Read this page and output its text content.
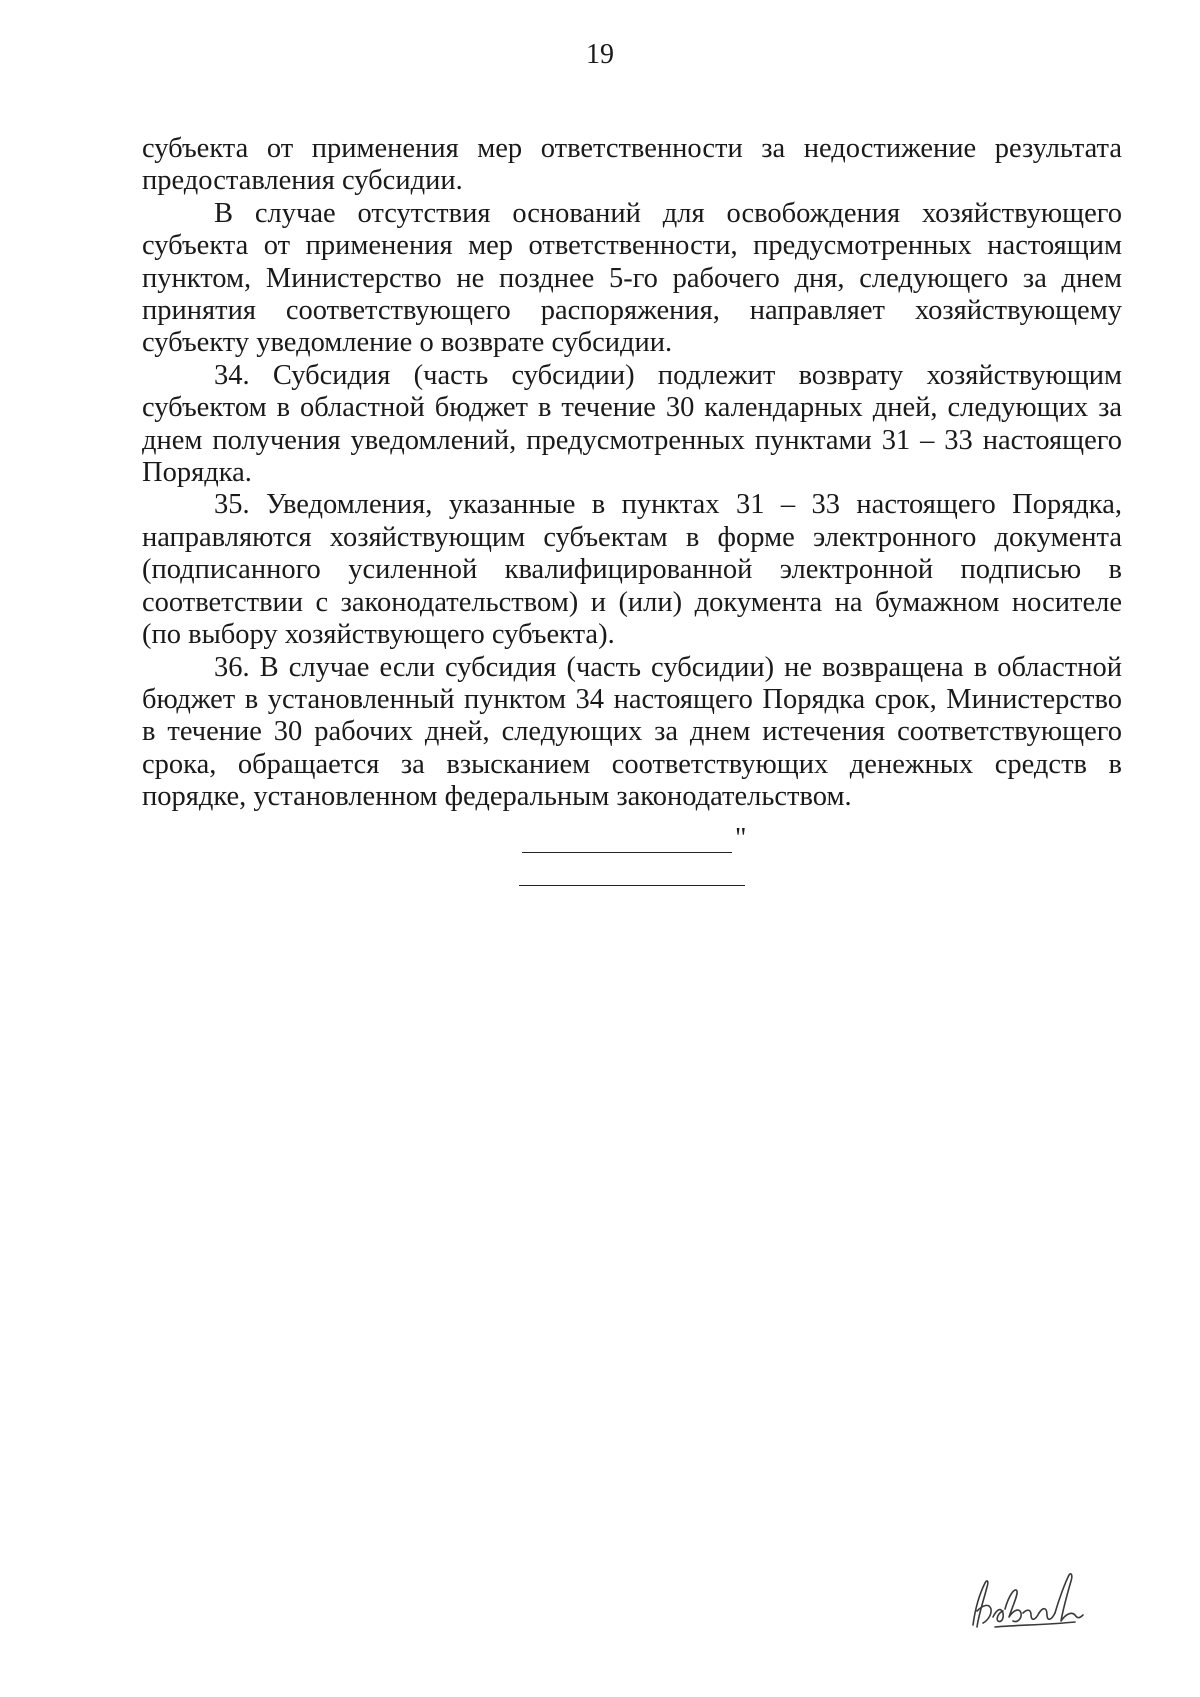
19

субъекта от применения мер ответственности за недостижение результата предоставления субсидии.

В случае отсутствия оснований для освобождения хозяйствующего субъекта от применения мер ответственности, предусмотренных настоящим пунктом, Министерство не позднее 5-го рабочего дня, следующего за днем принятия соответствующего распоряжения, направляет хозяйствующему субъекту уведомление о возврате субсидии.

34. Субсидия (часть субсидии) подлежит возврату хозяйствующим субъектом в областной бюджет в течение 30 календарных дней, следующих за днем получения уведомлений, предусмотренных пунктами 31 – 33 настоящего Порядка.

35. Уведомления, указанные в пунктах 31 – 33 настоящего Порядка, направляются хозяйствующим субъектам в форме электронного документа (подписанного усиленной квалифицированной электронной подписью в соответствии с законодательством) и (или) документа на бумажном носителе (по выбору хозяйствующего субъекта).

36. В случае если субсидия (часть субсидии) не возвращена в областной бюджет в установленный пунктом 34 настоящего Порядка срок, Министерство в течение 30 рабочих дней, следующих за днем истечения соответствующего срока, обращается за взысканием соответствующих денежных средств в порядке, установленном федеральным законодательством.

"
